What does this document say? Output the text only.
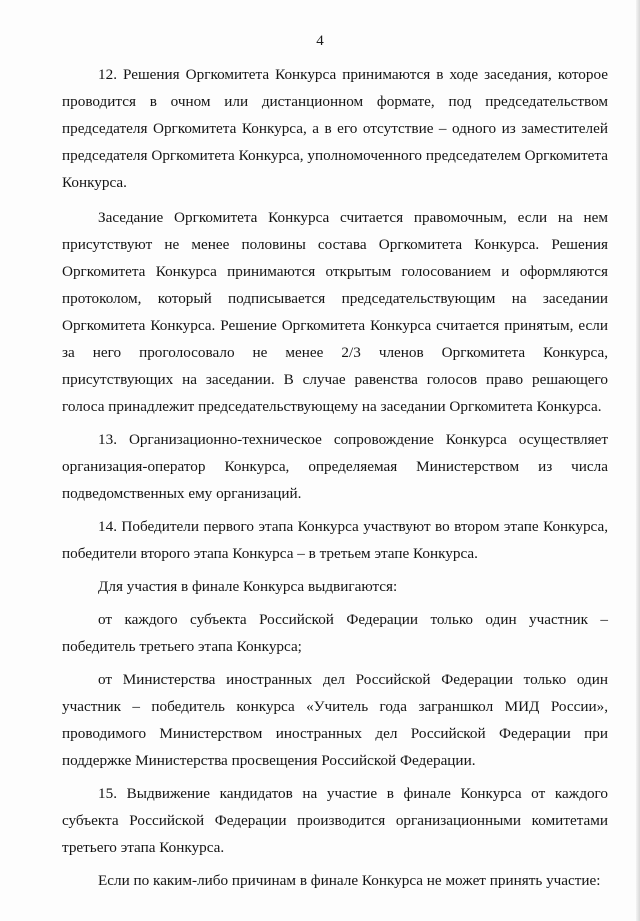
4

12. Решения Оргкомитета Конкурса принимаются в ходе заседания, которое проводится в очном или дистанционном формате, под председательством председателя Оргкомитета Конкурса, а в его отсутствие – одного из заместителей председателя Оргкомитета Конкурса, уполномоченного председателем Оргкомитета Конкурса.

Заседание Оргкомитета Конкурса считается правомочным, если на нем присутствуют не менее половины состава Оргкомитета Конкурса. Решения Оргкомитета Конкурса принимаются открытым голосованием и оформляются протоколом, который подписывается председательствующим на заседании Оргкомитета Конкурса. Решение Оргкомитета Конкурса считается принятым, если за него проголосовало не менее 2/3 членов Оргкомитета Конкурса, присутствующих на заседании. В случае равенства голосов право решающего голоса принадлежит председательствующему на заседании Оргкомитета Конкурса.

13. Организационно-техническое сопровождение Конкурса осуществляет организация-оператор Конкурса, определяемая Министерством из числа подведомственных ему организаций.

14. Победители первого этапа Конкурса участвуют во втором этапе Конкурса, победители второго этапа Конкурса – в третьем этапе Конкурса.

Для участия в финале Конкурса выдвигаются:

от каждого субъекта Российской Федерации только один участник – победитель третьего этапа Конкурса;

от Министерства иностранных дел Российской Федерации только один участник – победитель конкурса «Учитель года заграншкол МИД России», проводимого Министерством иностранных дел Российской Федерации при поддержке Министерства просвещения Российской Федерации.

15. Выдвижение кандидатов на участие в финале Конкурса от каждого субъекта Российской Федерации производится организационными комитетами третьего этапа Конкурса.

Если по каким-либо причинам в финале Конкурса не может принять участие:
